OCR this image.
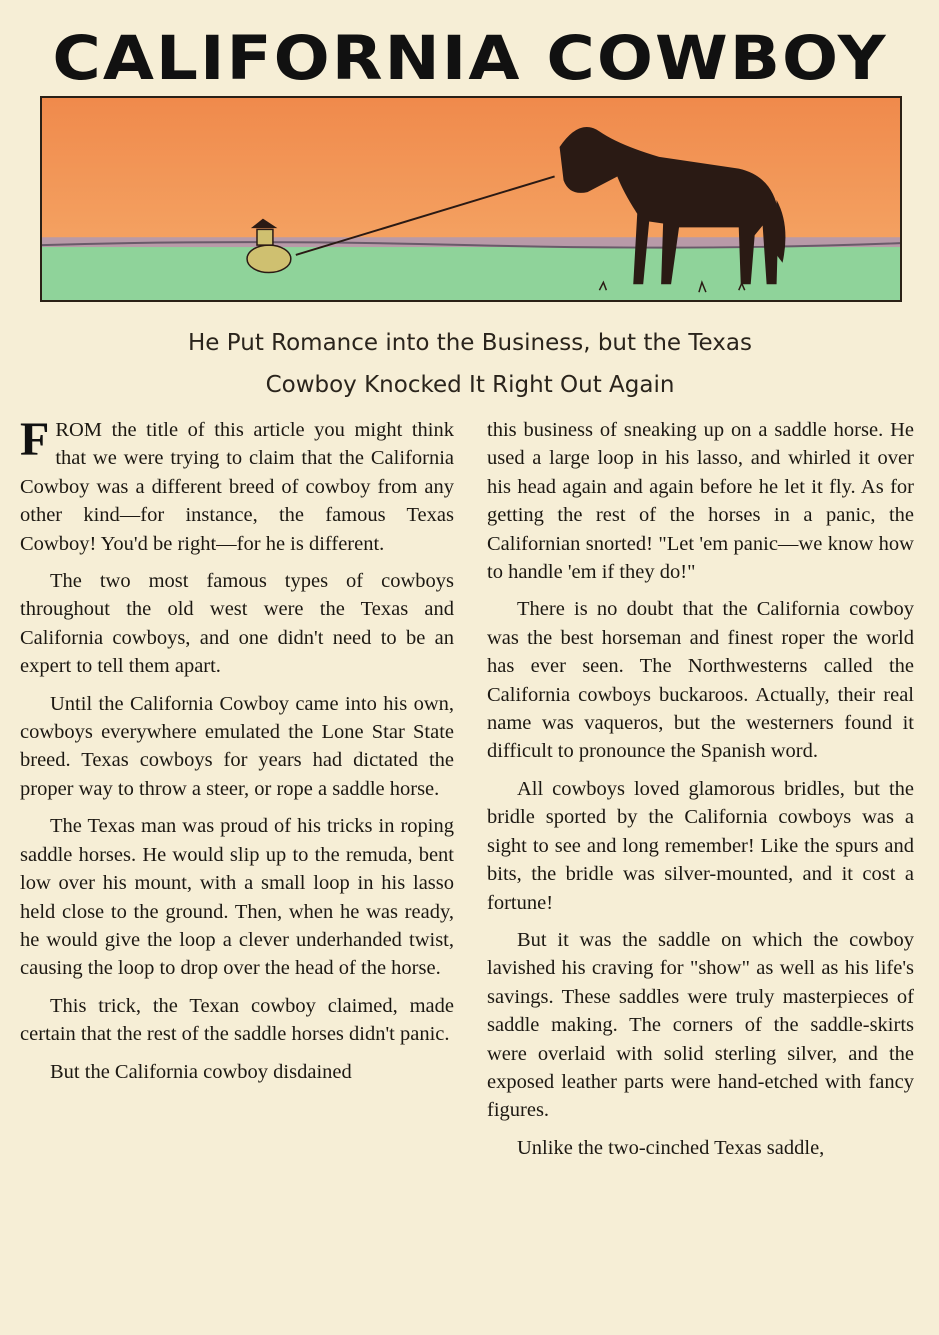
CALIFORNIA COWBOY
He Put Romance into the Business, but the Texas
Cowboy Knocked It Right Out Again

FROM the title of this article you might think that we were trying to claim that the California Cowboy was a different breed of cowboy from any other kind—for instance, the famous Texas Cowboy! You'd be right—for he is different.

The two most famous types of cowboys throughout the old west were the Texas and California cowboys, and one didn't need to be an expert to tell them apart.

Until the California Cowboy came into his own, cowboys everywhere emulated the Lone Star State breed. Texas cowboys for years had dictated the proper way to throw a steer, or rope a saddle horse.

The Texas man was proud of his tricks in roping saddle horses. He would slip up to the remuda, bent low over his mount, with a small loop in his lasso held close to the ground. Then, when he was ready, he would give the loop a clever underhanded twist, causing the loop to drop over the head of the horse.

This trick, the Texan cowboy claimed, made certain that the rest of the saddle horses didn't panic.

But the California cowboy disdained

this business of sneaking up on a saddle horse. He used a large loop in his lasso, and whirled it over his head again and again before he let it fly. As for getting the rest of the horses in a panic, the Californian snorted! "Let 'em panic—we know how to handle 'em if they do!"

There is no doubt that the California cowboy was the best horseman and finest roper the world has ever seen. The Northwesterns called the California cowboys buckaroos. Actually, their real name was vaqueros, but the westerners found it difficult to pronounce the Spanish word.

All cowboys loved glamorous bridles, but the bridle sported by the California cowboys was a sight to see and long remember! Like the spurs and bits, the bridle was silver-mounted, and it cost a fortune!

But it was the saddle on which the cowboy lavished his craving for "show" as well as his life's savings. These saddles were truly masterpieces of saddle making. The corners of the saddle-skirts were overlaid with solid sterling silver, and the exposed leather parts were hand-etched with fancy figures.

Unlike the two-cinched Texas saddle,
